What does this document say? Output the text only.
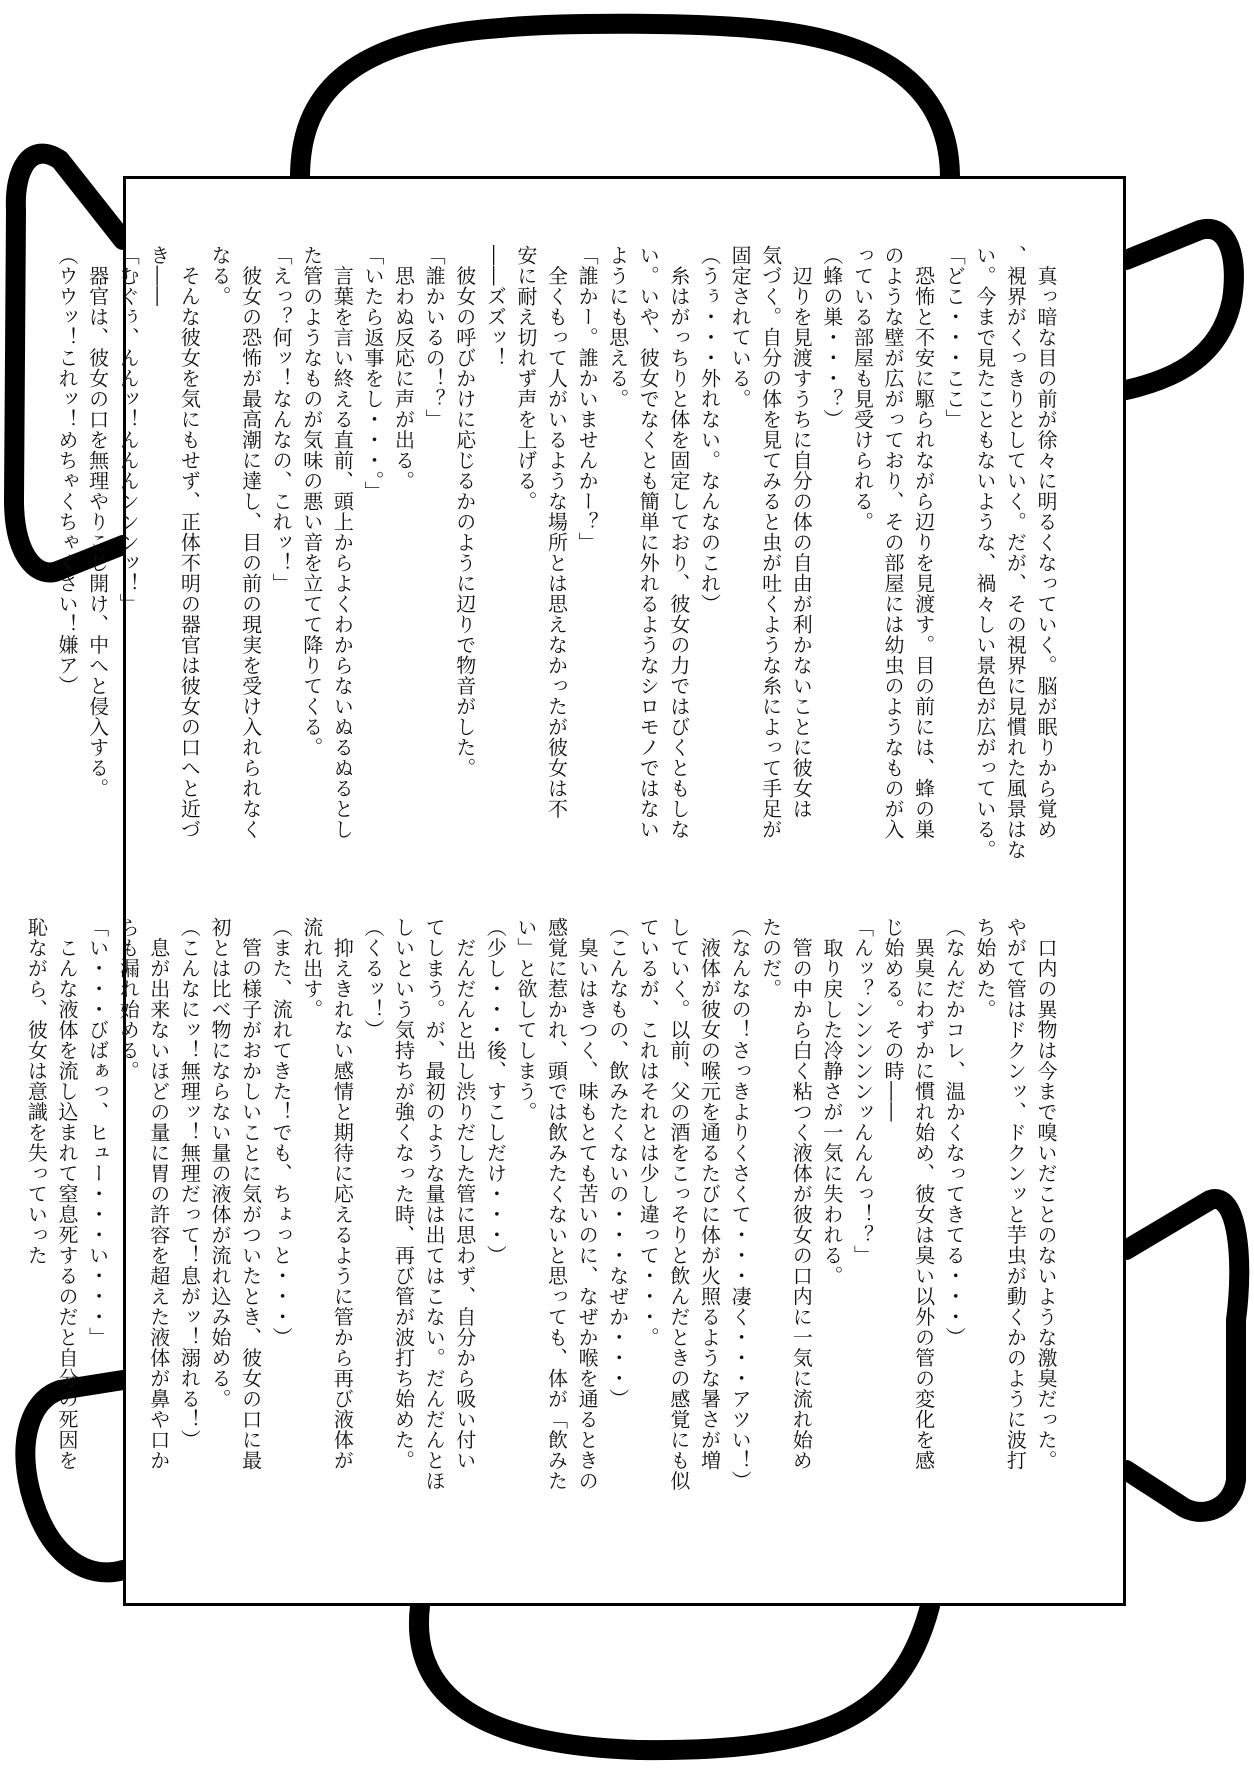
　真っ暗な目の前が徐々に明るくなっていく。脳が眠りから覚め
、視界がくっきりとしていく。だが、その視界に見慣れた風景はな
い。今まで見たこともないような、禍々しい景色が広がっている。
「どこ・・・ここ」
　恐怖と不安に駆られながら辺りを見渡す。目の前には、蜂の巣
のような壁が広がっており、その部屋には幼虫のようなものが入
っている部屋も見受けられる。
（蜂の巣・・・？）
　辺りを見渡すうちに自分の体の自由が利かないことに彼女は
気づく。自分の体を見てみると虫が吐くような糸によって手足が
固定されている。
（うぅ・・・外れない。なんなのこれ）
　糸はがっちりと体を固定しており、彼女の力ではびくともしな
い。いや、彼女でなくとも簡単に外れるようなシロモノではない
ようにも思える。
「誰かー。誰かいませんかー？」
　全くもって人がいるような場所とは思えなかったが彼女は不
安に耐え切れず声を上げる。
――ズズッ！
　彼女の呼びかけに応じるかのように辺りで物音がした。
「誰かいるの！？」
　思わぬ反応に声が出る。
「いたら返事をし・・・。」
　言葉を言い終える直前、頭上からよくわからないぬるぬるとし
た管のようなものが気味の悪い音を立てて降りてくる。
「えっ？何ッ！なんなの、これッ！」
　彼女の恐怖が最高潮に達し、目の前の現実を受け入れられなく
なる。
　そんな彼女を気にもせず、正体不明の器官は彼女の口へと近づ
き――
「むぐぅ、んんッ！んんんンンンッ！」
　器官は、彼女の口を無理やりこじ開け、中へと侵入する。
（ウウッ！これッ！めちゃくちゃくさい！嫌ア）
　口内の異物は今まで嗅いだことのないような激臭だった。
やがて管はドクンッ、ドクンッと芋虫が動くかのように波打
ち始めた。
（なんだかコレ、温かくなってきてる・・・）
　異臭にわずかに慣れ始め、彼女は臭い以外の管の変化を感
じ始める。その時――
「んッ？ンンンンンッんんんっ！？」
　取り戻した冷静さが一気に失われる。
　管の中から白く粘つく液体が彼女の口内に一気に流れ始め
たのだ。
（なんなの！さっきよりくさくて・・・凄く・・・アツい！）
　液体が彼女の喉元を通るたびに体が火照るような暑さが増
していく。以前、父の酒をこっそりと飲んだときの感覚にも似
ているが、これはそれとは少し違って・・・。
（こんなもの、飲みたくないの・・・なぜか・・・）
　臭いはきつく、味もとても苦いのに、なぜか喉を通るときの
感覚に惹かれ、頭では飲みたくないと思っても、体が「飲みた
い」と欲してしまう。
（少し・・・後、すこしだけ・・・）
　だんだんと出し渋りだした管に思わず、自分から吸い付い
てしまう。が、最初のような量は出てはこない。だんだんとほ
しいという気持ちが強くなった時、再び管が波打ち始めた。
（くるッ！）
　抑えきれない感情と期待に応えるように管から再び液体が
流れ出す。
（また、流れてきた！でも、ちょっと・・・）
　管の様子がおかしいことに気がついたとき、彼女の口に最
初とは比べ物にならない量の液体が流れ込み始める。
（こんなにッ！無理ッ！無理だって！息がッ！溺れる！）
　息が出来ないほどの量に胃の許容を超えた液体が鼻や口か
らも漏れ始める。
「い・・・びばぁっ、ヒュー・・・い・・・」
　こんな液体を流し込まれて窒息死するのだと自分の死因を
恥ながら、彼女は意識を失っていった
